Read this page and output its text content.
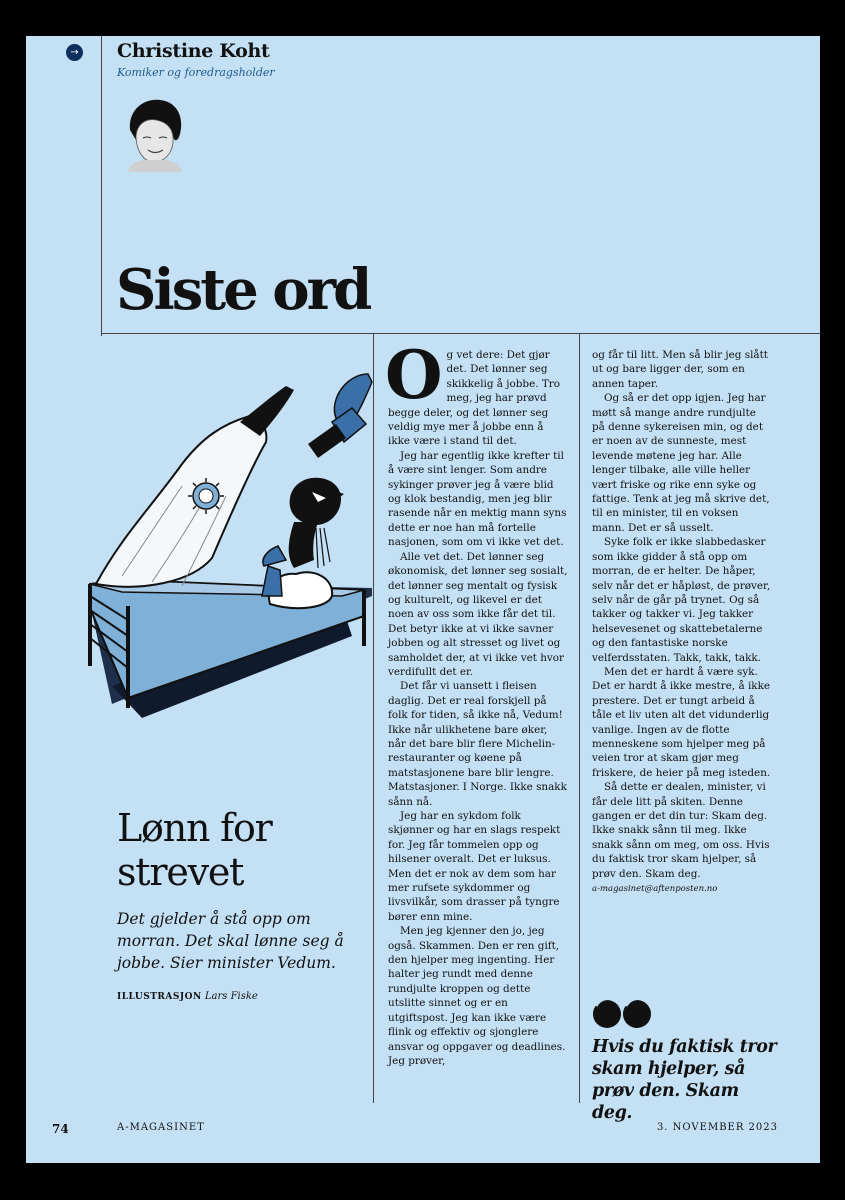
→ Christine Koht
Komiker og foredragsholder
Siste ord
Lønn for
strevet
Det gjelder å stå opp om morran. Det skal lønne seg å jobbe. Sier minister Vedum.
ILLUSTRASJON Lars Fiske

Og vet dere: Det gjør det. Det lønner seg skikkelig å jobbe. Tro meg, jeg har prøvd begge deler, og det lønner seg veldig mye mer å jobbe enn å ikke være i stand til det.

Jeg har egentlig ikke krefter til å være sint lenger. Som andre sykinger prøver jeg å være blid og klok bestandig, men jeg blir rasende når en mektig mann syns dette er noe han må fortelle nasjonen, som om vi ikke vet det.

Alle vet det. Det lønner seg økonomisk, det lønner seg sosialt, det lønner seg mentalt og fysisk og kulturelt, og likevel er det noen av oss som ikke får det til. Det betyr ikke at vi ikke savner jobben og alt stresset og livet og samholdet der, at vi ikke vet hvor verdifullt det er.

Det får vi uansett i fleisen daglig. Det er real forskjell på folk for tiden, så ikke nå, Vedum! Ikke når ulikhetene bare øker, når det bare blir flere Michelin-restauranter og køene på matstasjonene bare blir lengre. Matstasjoner. I Norge. Ikke snakk sånn nå.

Jeg har en sykdom folk skjønner og har en slags respekt for. Jeg får tommelen opp og hilsener overalt. Det er luksus. Men det er nok av dem som har mer rufsete sykdommer og livsvilkår, som drasser på tyngre bører enn mine.

Men jeg kjenner den jo, jeg også. Skammen. Den er ren gift, den hjelper meg ingenting. Her halter jeg rundt med denne rundjulte kroppen og dette utslitte sinnet og er en utgiftspost. Jeg kan ikke være flink og effektiv og sjonglere ansvar og oppgaver og deadlines. Jeg prøver,

og får til litt. Men så blir jeg slått ut og bare ligger der, som en annen taper.

Og så er det opp igjen. Jeg har møtt så mange andre rundjulte på denne sykereisen min, og det er noen av de sunneste, mest levende møtene jeg har. Alle lenger tilbake, alle ville heller vært friske og rike enn syke og fattige. Tenk at jeg må skrive det, til en minister, til en voksen mann. Det er så usselt.

Syke folk er ikke slabbedasker som ikke gidder å stå opp om morran, de er helter. De håper, selv når det er håpløst, de prøver, selv når de går på trynet. Og så takker og takker vi. Jeg takker helsevesenet og skattebetalerne og den fantastiske norske velferdsstaten. Takk, takk, takk.

Men det er hardt å være syk. Det er hardt å ikke mestre, å ikke prestere. Det er tungt arbeid å tåle et liv uten alt det vidunderlig vanlige. Ingen av de flotte menneskene som hjelper meg på veien tror at skam gjør meg friskere, de heier på meg isteden.

Så dette er dealen, minister, vi får dele litt på skiten. Denne gangen er det din tur: Skam deg. Ikke snakk sånn til meg. Ikke snakk sånn om meg, om oss. Hvis du faktisk tror skam hjelper, så prøv den. Skam deg.

a-magasinet@aftenposten.no
Hvis du faktisk tror skam hjelper, så prøv den. Skam deg.
74	A-MAGASINET	3. NOVEMBER 2023
